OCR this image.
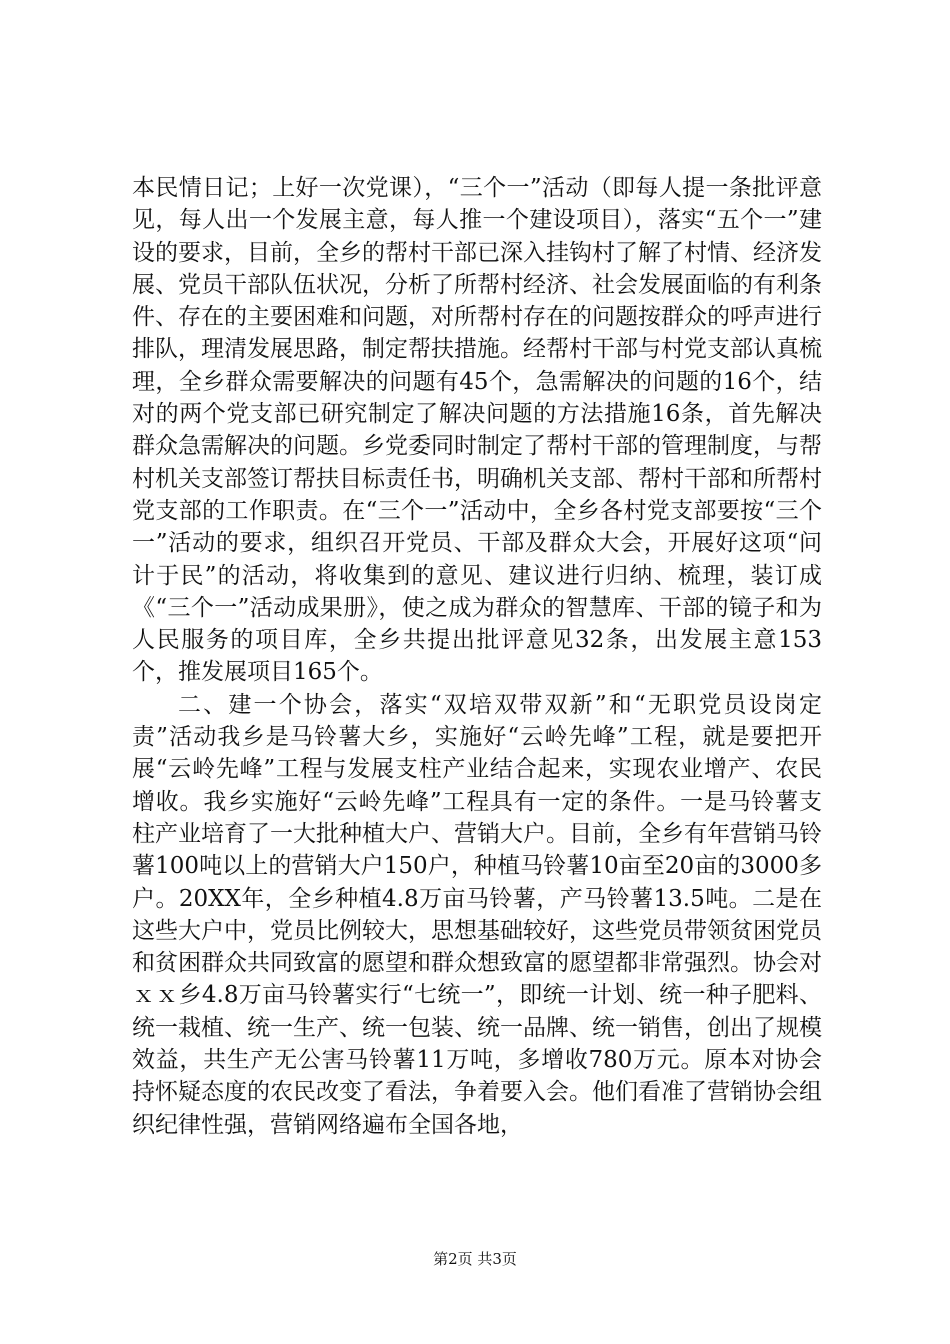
本民情日记；上好一次党课），“三个一”活动（即每人提一条批评意见，每人出一个发展主意，每人推一个建设项目），落实“五个一”建设的要求，目前，全乡的帮村干部已深入挂钩村了解了村情、经济发展、党员干部队伍状况，分析了所帮村经济、社会发展面临的有利条件、存在的主要困难和问题，对所帮村存在的问题按群众的呼声进行排队，理清发展思路，制定帮扶措施。经帮村干部与村党支部认真梳理，全乡群众需要解决的问题有45个，急需解决的问题的16个，结对的两个党支部已研究制定了解决问题的方法措施16条，首先解决群众急需解决的问题。乡党委同时制定了帮村干部的管理制度，与帮村机关支部签订帮扶目标责任书，明确机关支部、帮村干部和所帮村党支部的工作职责。在“三个一”活动中，全乡各村党支部要按“三个一”活动的要求，组织召开党员、干部及群众大会，开展好这项“问计于民”的活动，将收集到的意见、建议进行归纳、梳理，装订成《“三个一”活动成果册》，使之成为群众的智慧库、干部的镜子和为人民服务的项目库，全乡共提出批评意见32条，出发展主意153个，推发展项目165个。

二、建一个协会，落实“双培双带双新”和“无职党员设岗定责”活动我乡是马铃薯大乡，实施好“云岭先峰”工程，就是要把开展“云岭先峰”工程与发展支柱产业结合起来，实现农业增产、农民增收。我乡实施好“云岭先峰”工程具有一定的条件。一是马铃薯支柱产业培育了一大批种植大户、营销大户。目前，全乡有年营销马铃薯100吨以上的营销大户150户，种植马铃薯10亩至20亩的3000多户。20XX年，全乡种植4.8万亩马铃薯，产马铃薯13.5吨。二是在这些大户中，党员比例较大，思想基础较好，这些党员带领贫困党员和贫困群众共同致富的愿望和群众想致富的愿望都非常强烈。协会对ｘｘ乡4.8万亩马铃薯实行“七统一”，即统一计划、统一种子肥料、统一栽植、统一生产、统一包装、统一品牌、统一销售，创出了规模效益，共生产无公害马铃薯11万吨，多增收780万元。原本对协会持怀疑态度的农民改变了看法，争着要入会。他们看准了营销协会组织纪律性强，营销网络遍布全国各地，

第2页 共3页
